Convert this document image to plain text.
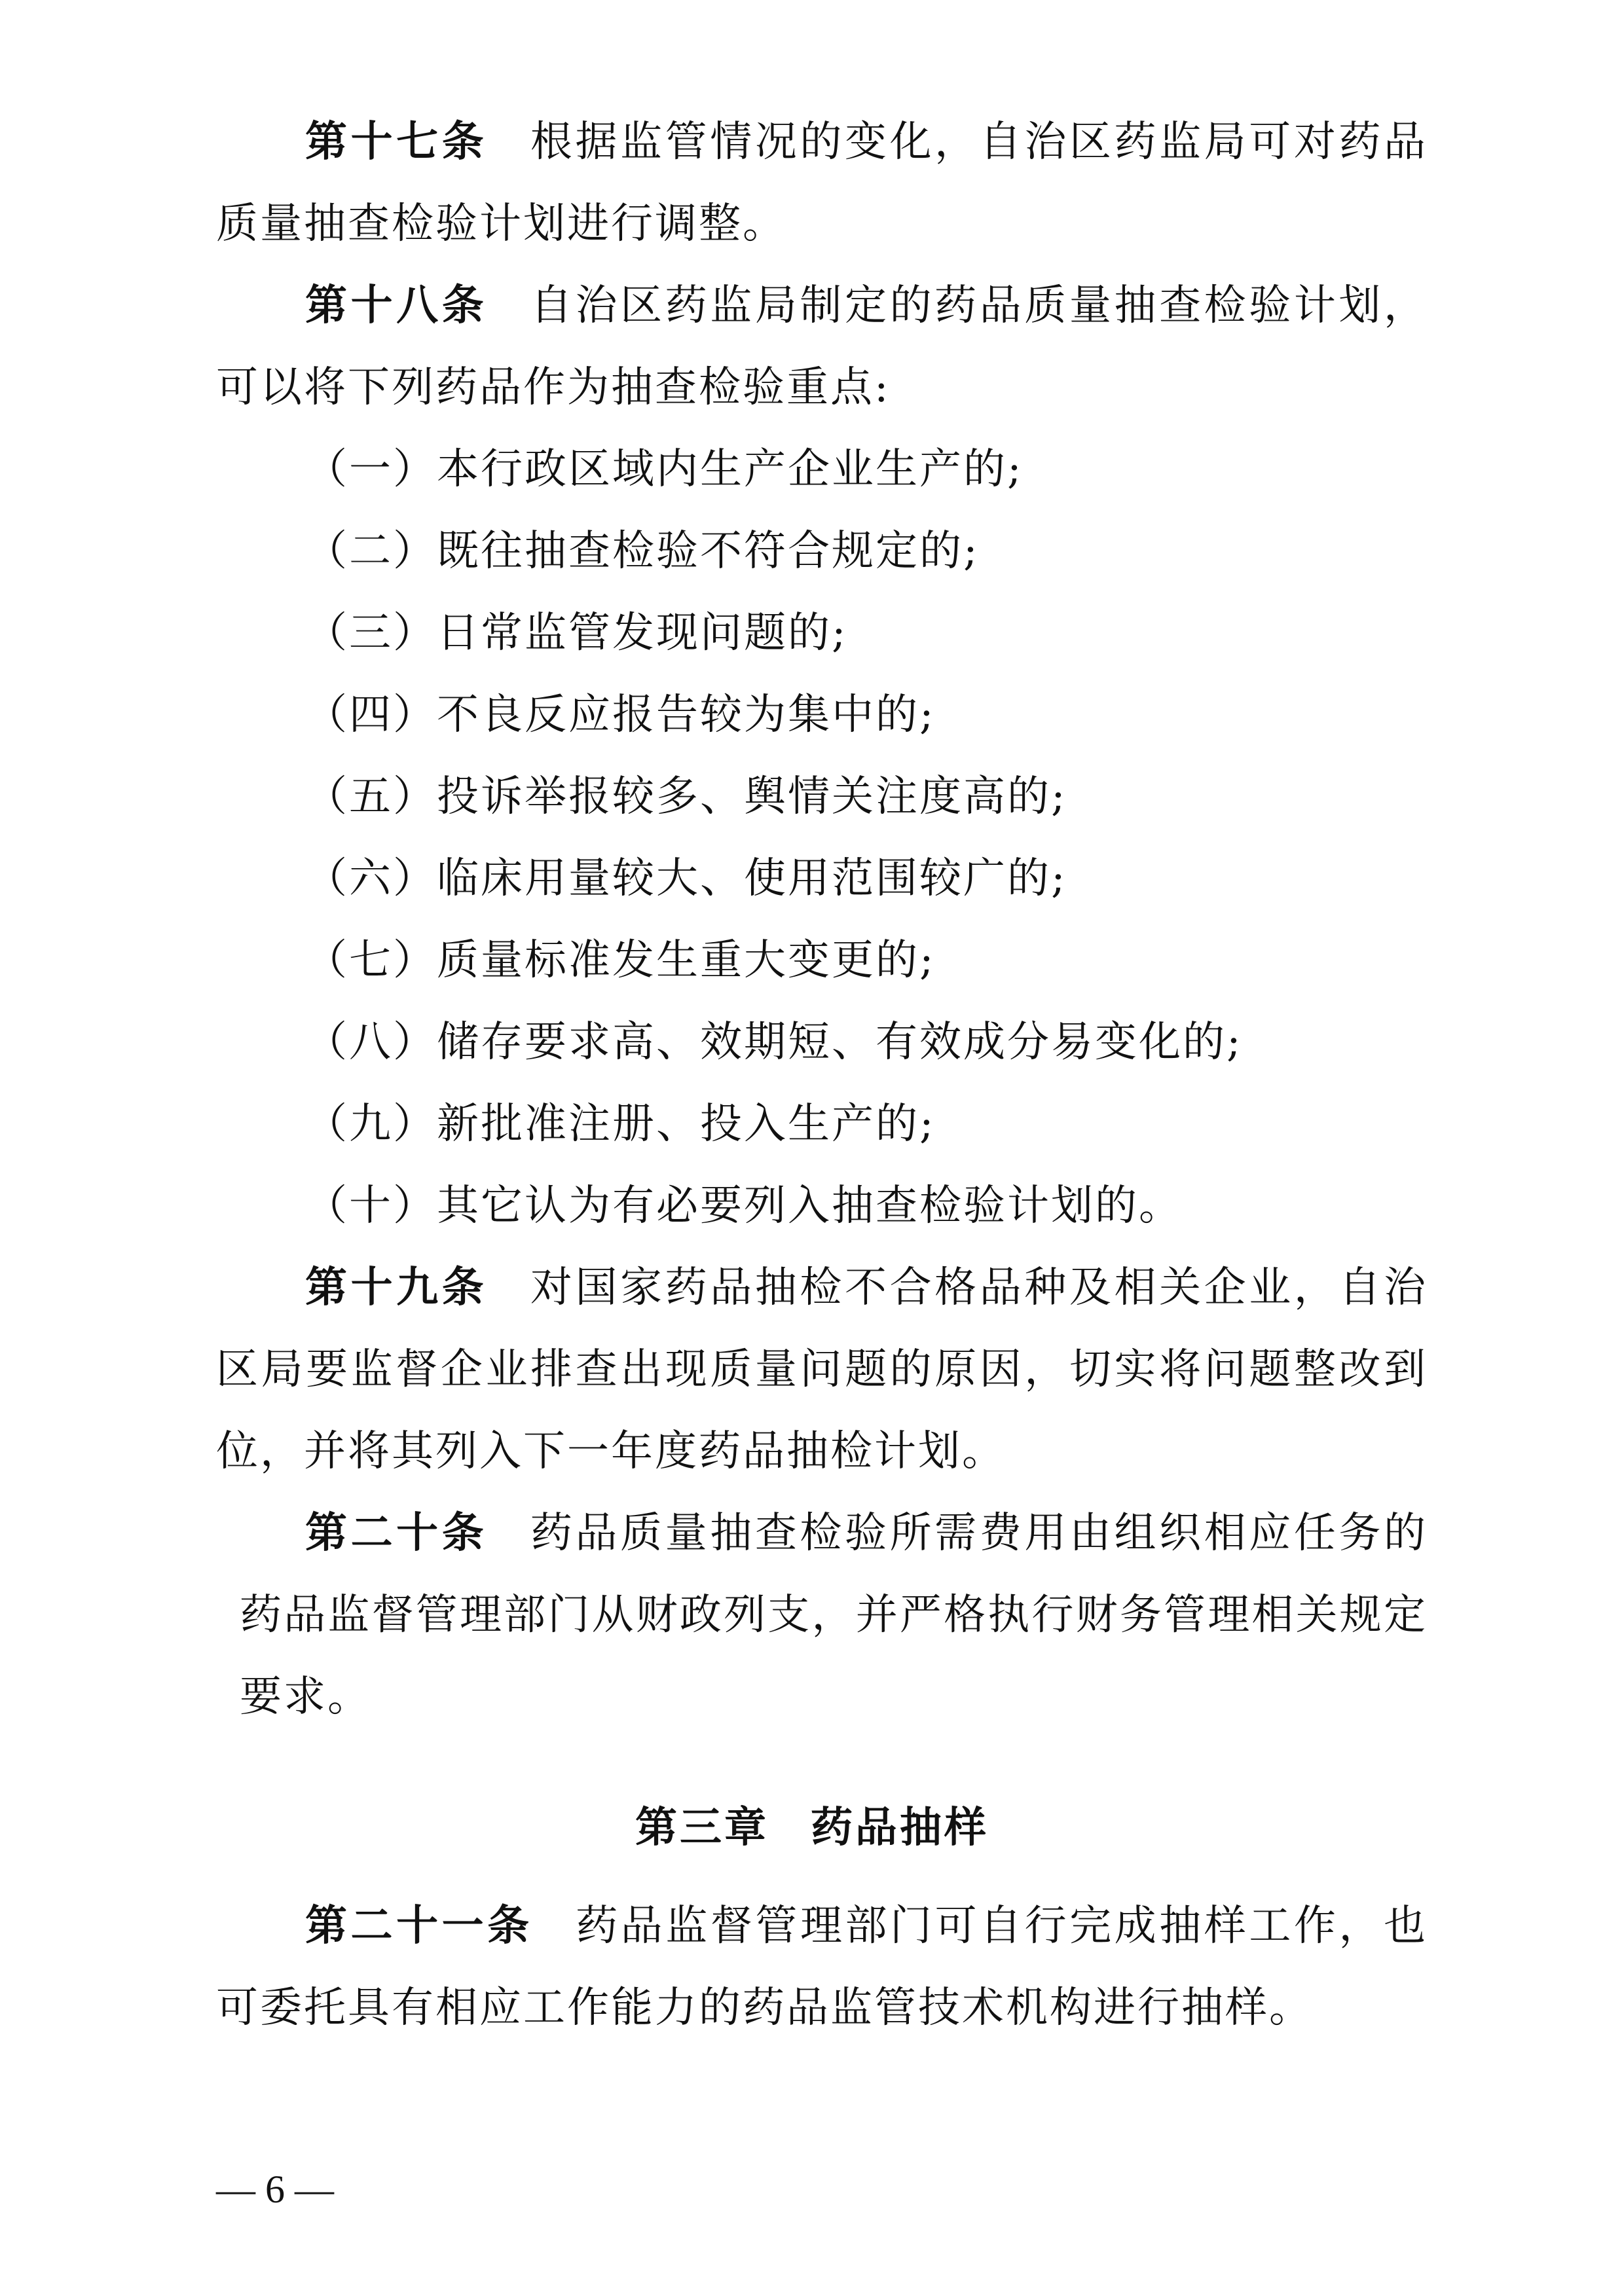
第十七条 根据监管情况的变化，自治区药监局可对药品质量抽查检验计划进行调整。

第十八条 自治区药监局制定的药品质量抽查检验计划，可以将下列药品作为抽查检验重点:

（一）本行政区域内生产企业生产的;

（二）既往抽查检验不符合规定的;

（三）日常监管发现问题的;

（四）不良反应报告较为集中的;

（五）投诉举报较多、舆情关注度高的;

（六）临床用量较大、使用范围较广的;

（七）质量标准发生重大变更的;

（八）储存要求高、效期短、有效成分易变化的;

（九）新批准注册、投入生产的;

（十）其它认为有必要列入抽查检验计划的。

第十九条 对国家药品抽检不合格品种及相关企业，自治区局要监督企业排查出现质量问题的原因，切实将问题整改到位，并将其列入下一年度药品抽检计划。

第二十条 药品质量抽查检验所需费用由组织相应任务的药品监督管理部门从财政列支，并严格执行财务管理相关规定要求。

第三章 药品抽样

第二十一条 药品监督管理部门可自行完成抽样工作，也可委托具有相应工作能力的药品监管技术机构进行抽样。

— 6 —
